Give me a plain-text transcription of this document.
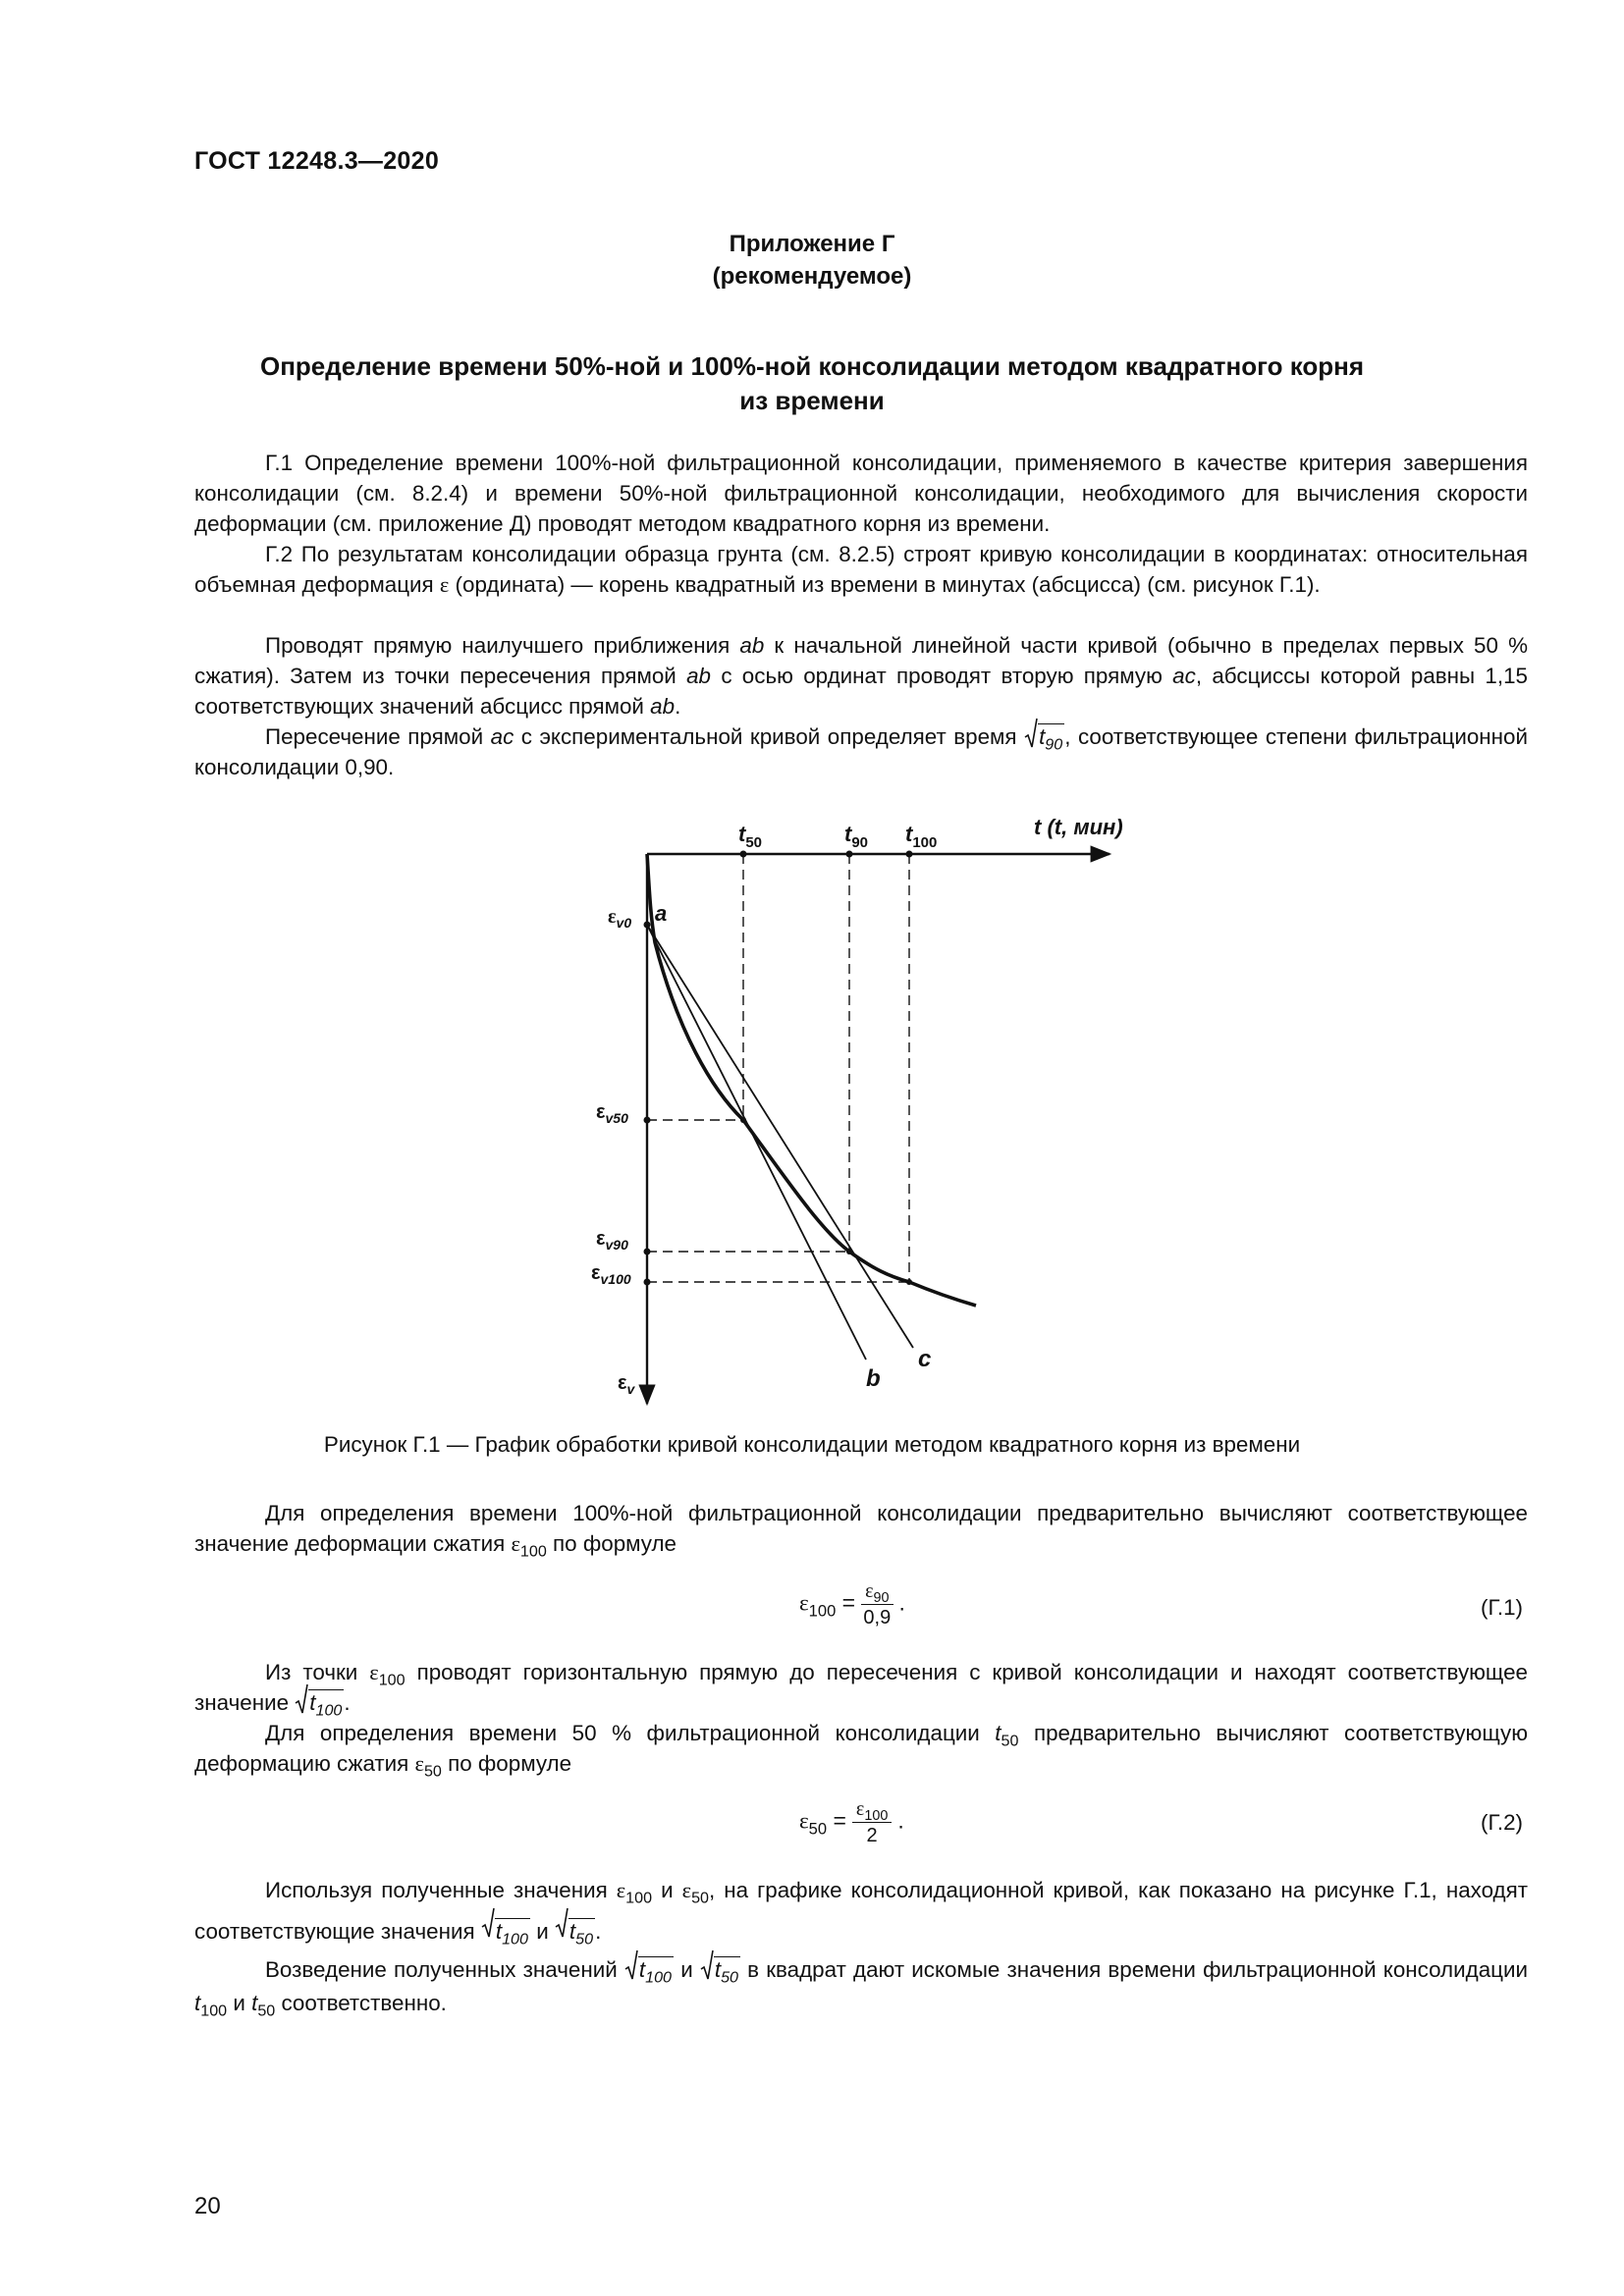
ГОСТ 12248.3—2020
Приложение Г
(рекомендуемое)
Определение времени 50%-ной и 100%-ной консолидации методом квадратного корня
из времени
Г.1 Определение времени 100%-ной фильтрационной консолидации, применяемого в качестве критерия завершения консолидации (см. 8.2.4) и времени 50%-ной фильтрационной консолидации, необходимого для вычисления скорости деформации (см. приложение Д) проводят методом квадратного корня из времени.
Г.2 По результатам консолидации образца грунта (см. 8.2.5) строят кривую консолидации в координатах: относительная объемная деформация ε (ордината) — корень квадратный из времени в минутах (абсцисса) (см. рисунок Г.1).
Проводят прямую наилучшего приближения ab к начальной линейной части кривой (обычно в пределах первых 50 % сжатия). Затем из точки пересечения прямой ab с осью ординат проводят вторую прямую ac, абсциссы которой равны 1,15 соответствующих значений абсцисс прямой ab.
Пересечение прямой ac с экспериментальной кривой определяет время
$t_{90}$, соответствующее степени фильтрационной консолидации 0,90.
t (t, мин)
$t_{50}$	$t_{90}$ $t_{100}$
$\varepsilon_{v0}$
$\varepsilon_{v50}$
$\varepsilon_{v90}$
$\varepsilon_{v100}$
$\varepsilon_v$
a
b
c
Рисунок Г.1 — График обработки кривой консолидации методом квадратного корня из времени
Для определения времени 100%-ной фильтрационной консолидации предварительно вычисляют соответствующее значение деформации сжатия $\varepsilon_{100}$ по формуле
$\varepsilon_{100} = \frac{\varepsilon_{90}}{0,9}$ .	(Г.1)
Из точки $\varepsilon_{100}$ проводят горизонтальную прямую до пересечения с кривой консолидации и находят соответствующее значение
$t_{100}$.
Для определения времени 50 % фильтрационной консолидации $t_{50}$ предварительно вычисляют соответствующую деформацию сжатия $\varepsilon_{50}$ по формуле
$\varepsilon_{50} = \frac{\varepsilon_{100}}{2}$ .	(Г.2)
Используя полученные значения $\varepsilon_{100}$ и $\varepsilon_{50}$, на графике консолидационной кривой, как показано на рисунке Г.1, находят соответствующие значения
$t_{100}$ и
$t_{50}$.
Возведение полученных значений
$t_{100}$ и
$t_{50}$ в квадрат дают искомые значения времени фильтрационной консолидации $t_{100}$ и $t_{50}$ соответственно.
20
